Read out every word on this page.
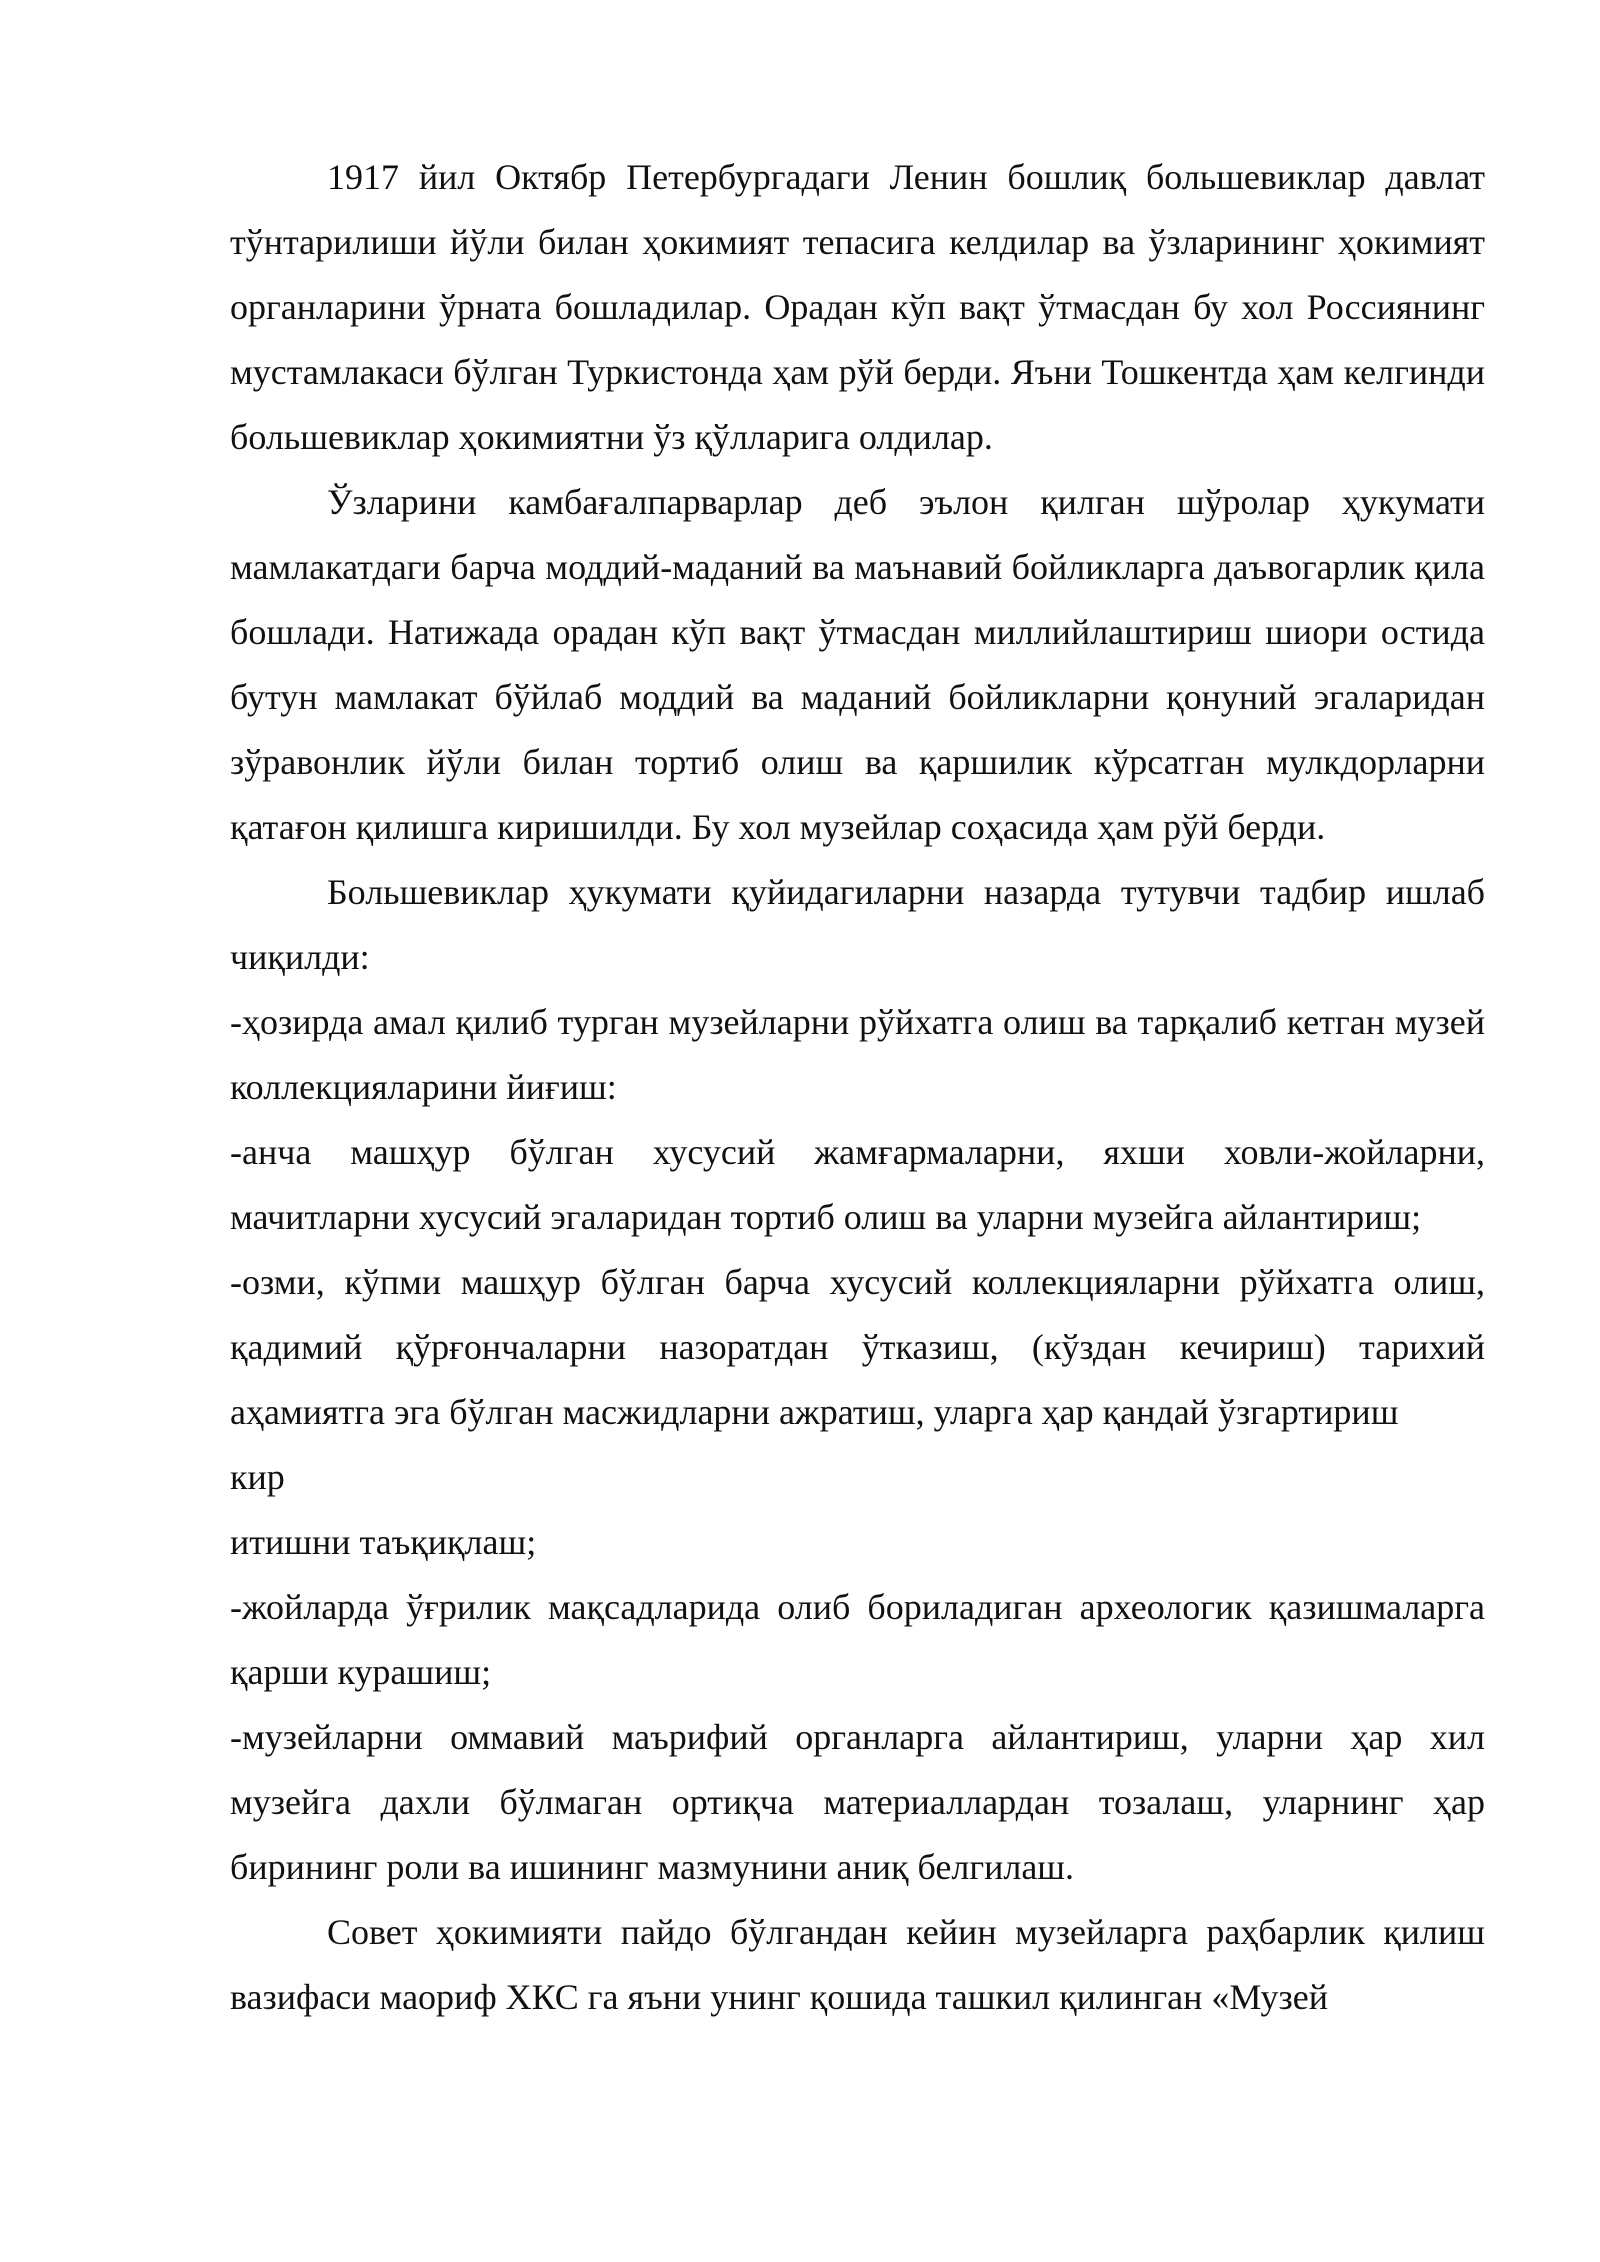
1917 йил Октябр Петербургадаги Ленин бошлиқ большевиклар давлат тўнтарилиши йўли билан ҳокимият тепасига келдилар ва ўзларининг ҳокимият органларини ўрната бошладилар. Орадан кўп вақт ўтмасдан бу хол Россиянинг мустамлакаси бўлган Туркистонда ҳам рўй берди. Яъни Тошкентда ҳам келгинди большевиклар ҳокимиятни ўз қўлларига олдилар.

Ўзларини камбағалпарварлар деб эълон қилган шўролар ҳукумати мамлакатдаги барча моддий-маданий ва маънавий бойликларга даъвогарлик қила бошлади. Натижада орадан кўп вақт ўтмасдан миллийлаштириш шиори остида бутун мамлакат бўйлаб моддий ва маданий бойликларни қонуний эгаларидан зўравонлик йўли билан тортиб олиш ва қаршилик кўрсатган мулкдорларни қатағон қилишга киришилди. Бу хол музейлар соҳасида ҳам рўй берди.

Большевиклар ҳукумати қуйидагиларни назарда тутувчи тадбир ишлаб чиқилди:

-ҳозирда амал қилиб турган музейларни рўйхатга олиш ва тарқалиб кетган музей коллекцияларини йиғиш:

-анча машҳур бўлган хусусий жамғармаларни, яхши ховли-жойларни, мачитларни хусусий эгаларидан тортиб олиш ва уларни музейга айлантириш;

-озми, кўпми машҳур бўлган барча хусусий коллекцияларни рўйхатга олиш, қадимий қўрғончаларни назоратдан ўтказиш, (кўздан кечириш) тарихий аҳамиятга эга бўлган масжидларни ажратиш, уларга ҳар қандай ўзгартириш

кир

итишни таъқиқлаш;

-жойларда ўғрилик мақсадларида олиб бориладиган археологик қазишмаларга қарши курашиш;

-музейларни оммавий маърифий органларга айлантириш, уларни ҳар хил музейга дахли бўлмаган ортиқча материаллардан тозалаш, уларнинг ҳар бирининг роли ва ишининг мазмунини аниқ белгилаш.

Совет ҳокимияти пайдо бўлгандан кейин музейларга раҳбарлик қилиш вазифаси маориф ХКС га яъни унинг қошида ташкил қилинган «Музей
